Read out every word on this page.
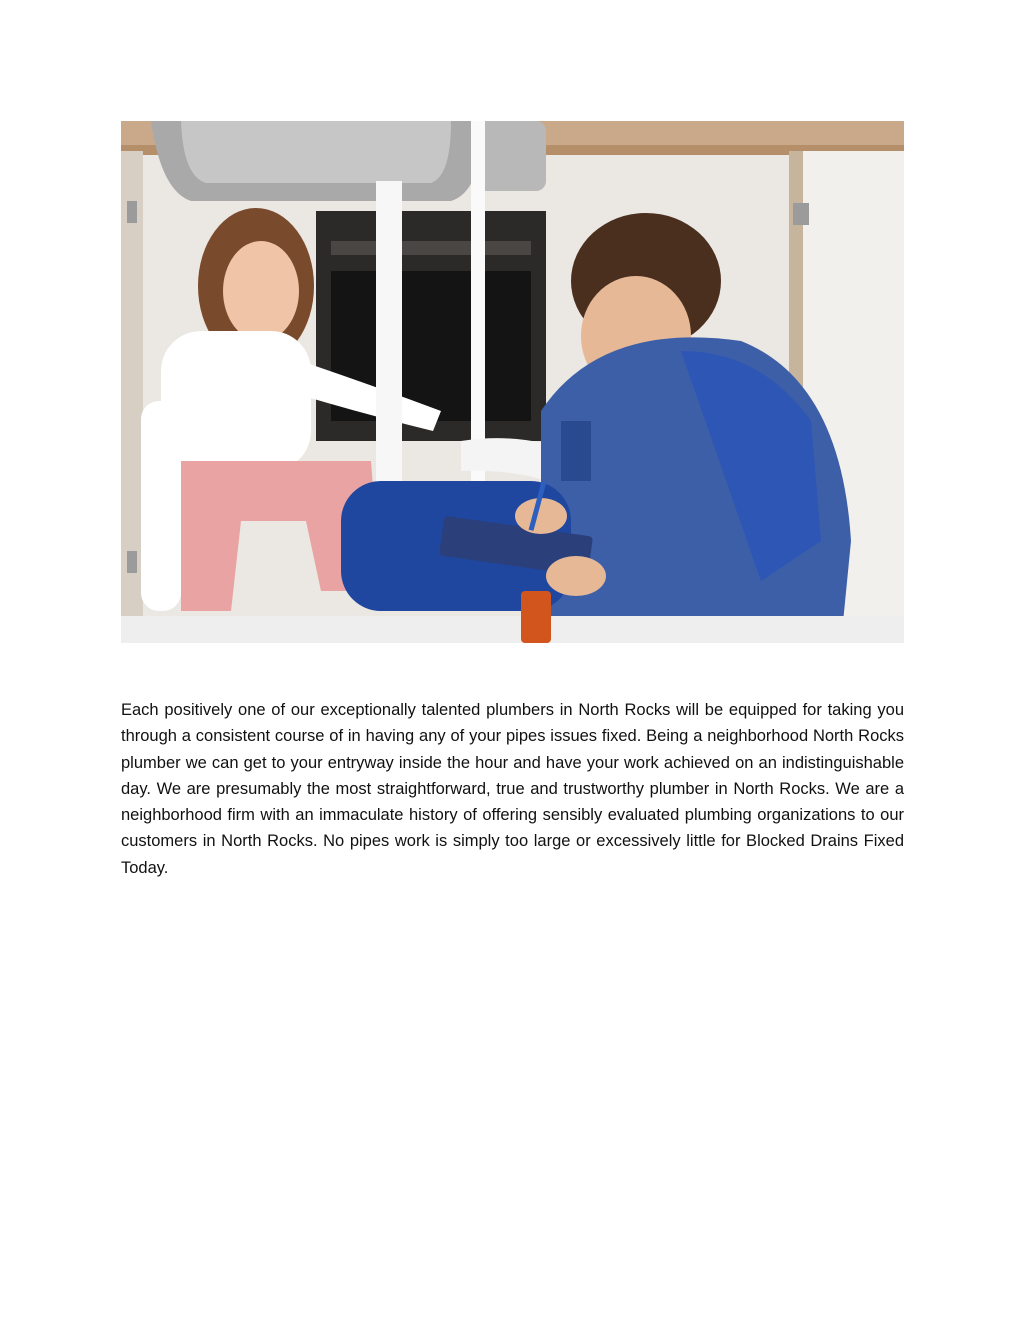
Each positively one of our exceptionally talented plumbers in North Rocks will be equipped for taking you through a consistent course of in having any of your pipes issues fixed. Being a neighborhood North Rocks plumber we can get to your entryway inside the hour and have your work achieved on an indistinguishable day. We are presumably the most straightforward, true and trustworthy plumber in North Rocks. We are a neighborhood firm with an immaculate history of offering sensibly evaluated plumbing organizations to our customers in North Rocks. No pipes work is simply too large or excessively little for Blocked Drains Fixed Today.
